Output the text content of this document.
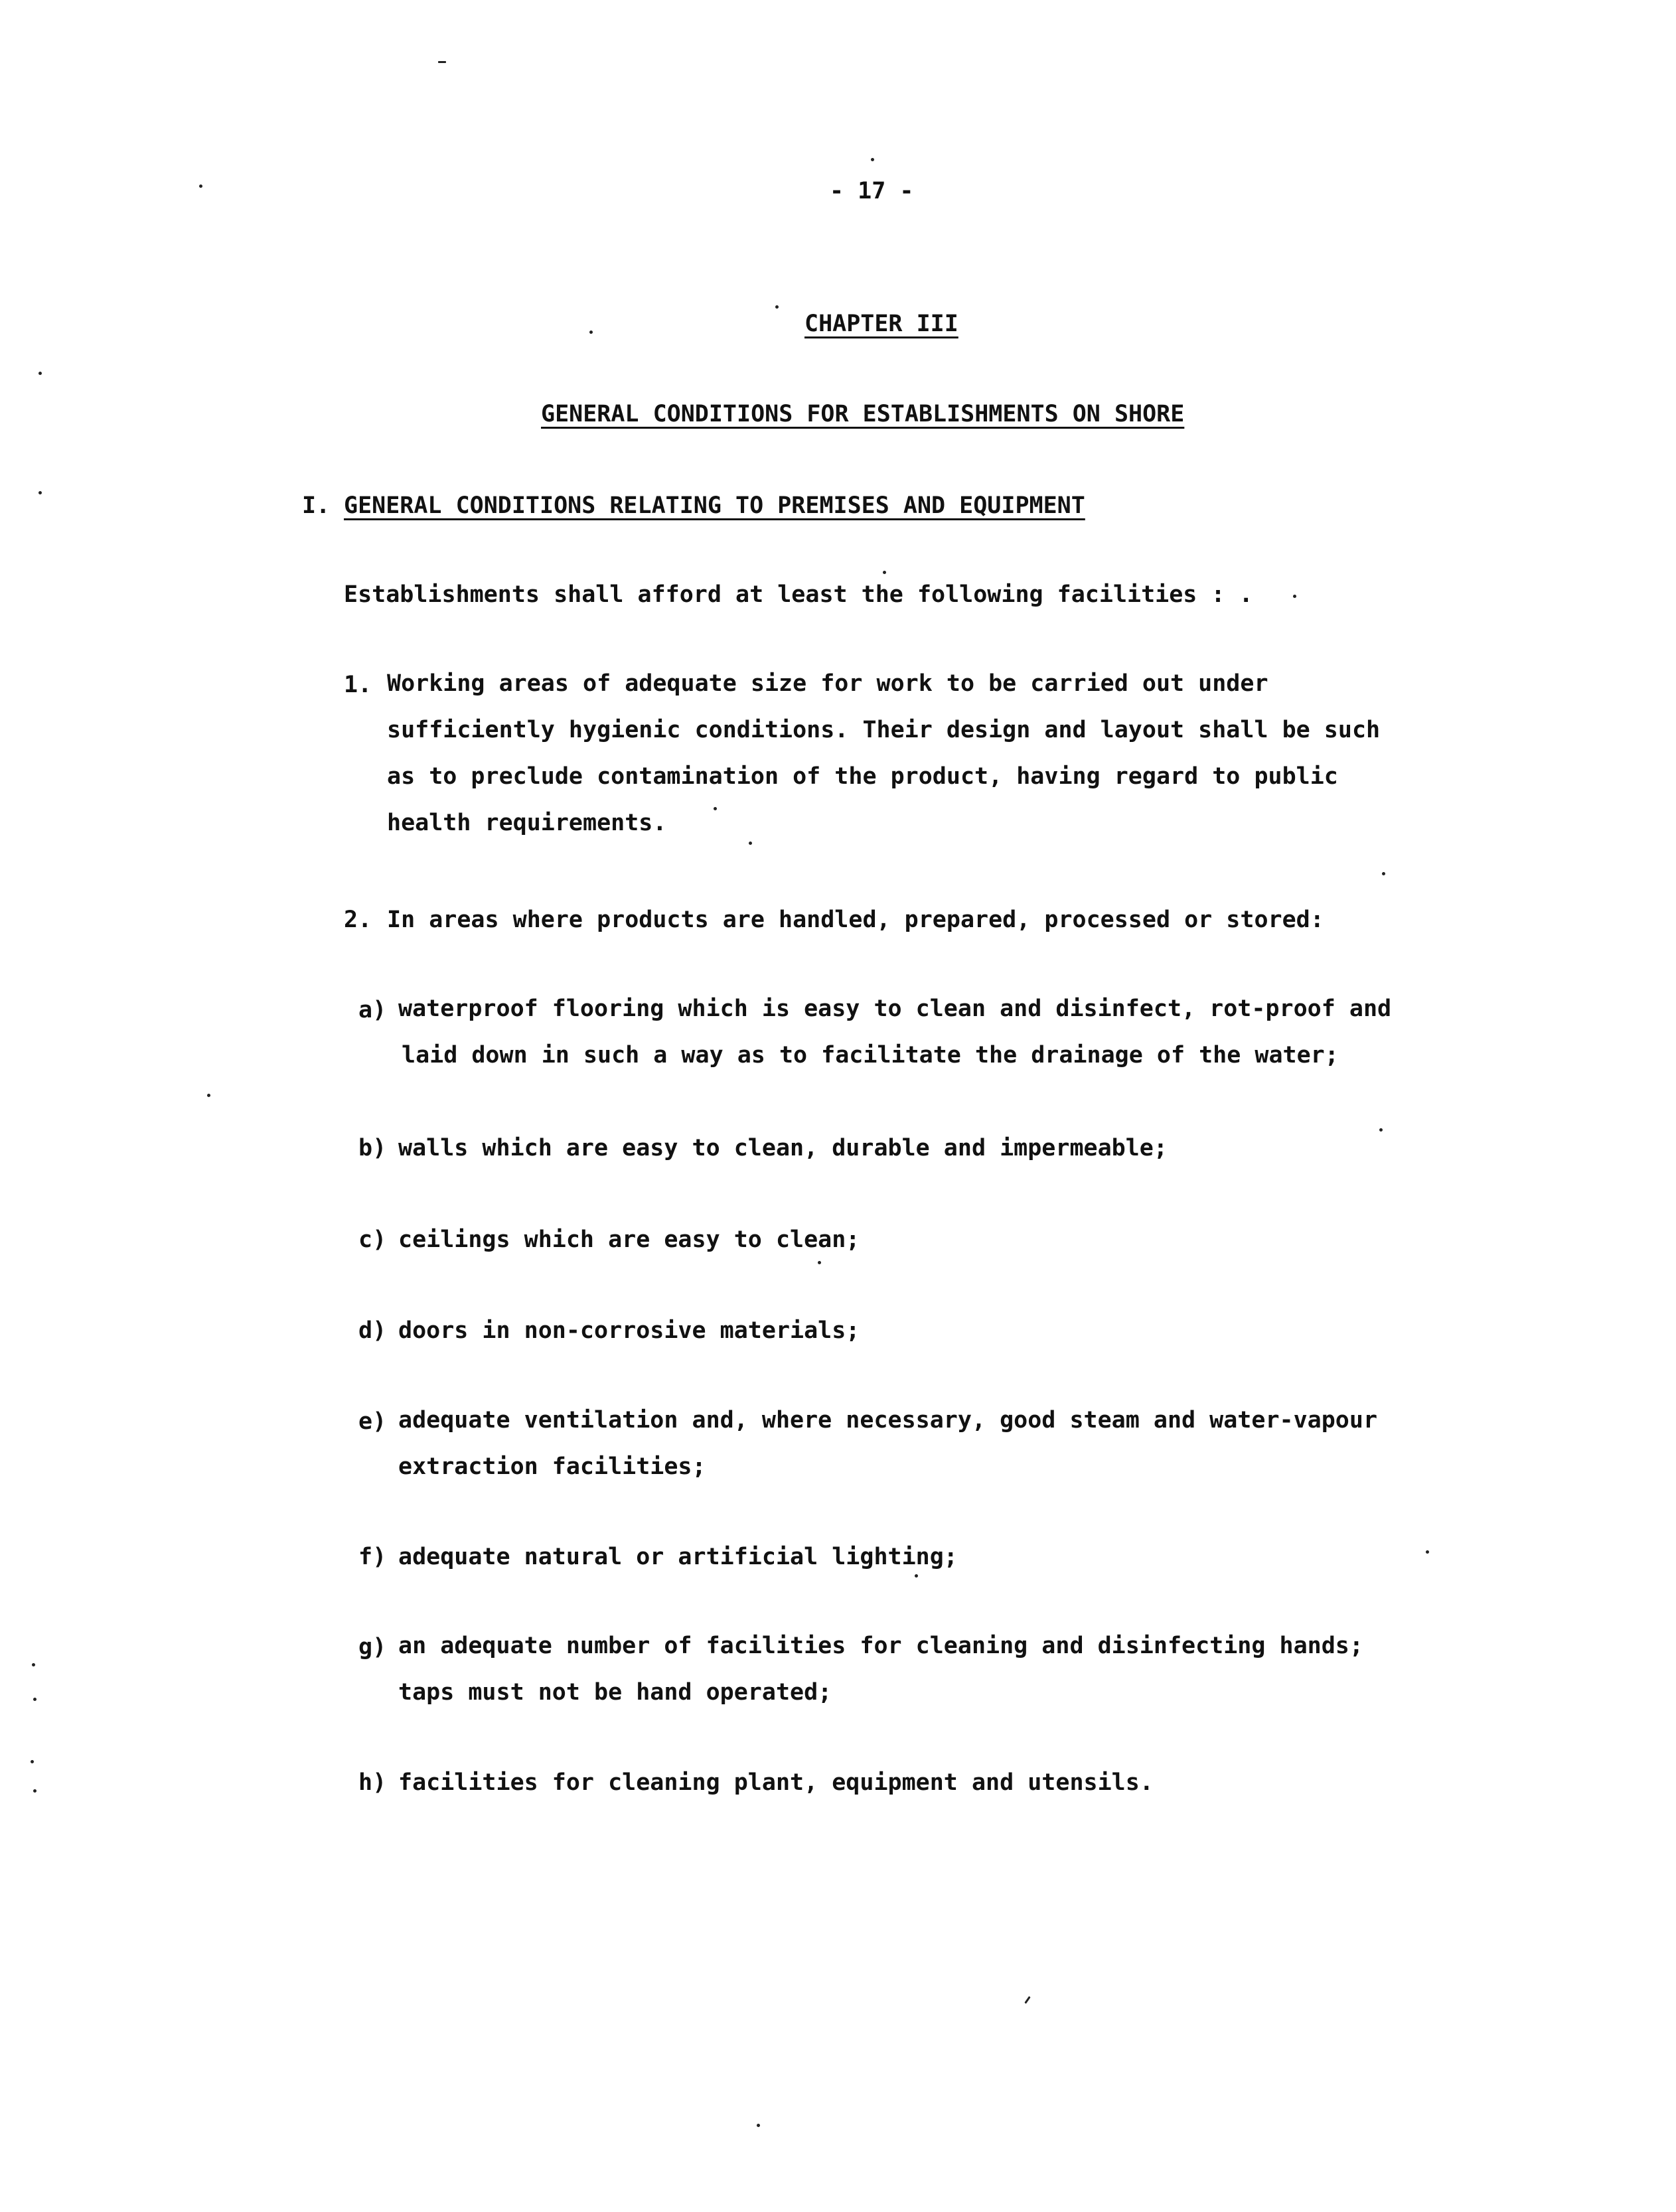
- 17 -
CHAPTER III
GENERAL CONDITIONS FOR ESTABLISHMENTS ON SHORE
I. GENERAL CONDITIONS RELATING TO PREMISES AND EQUIPMENT
Establishments shall afford at least the following facilities : .
1. Working areas of adequate size for work to be carried out under
sufficiently hygienic conditions. Their design and layout shall be such
as to preclude contamination of the product, having regard to public
health requirements.
2. In areas where products are handled, prepared, processed or stored:
a) waterproof flooring which is easy to clean and disinfect, rot-proof and
laid down in such a way as to facilitate the drainage of the water;
b) walls which are easy to clean, durable and impermeable;
c) ceilings which are easy to clean;
d) doors in non-corrosive materials;
e) adequate ventilation and, where necessary, good steam and water-vapour
extraction facilities;
f) adequate natural or artificial lighting;
g) an adequate number of facilities for cleaning and disinfecting hands;
taps must not be hand operated;
h) facilities for cleaning plant, equipment and utensils.
